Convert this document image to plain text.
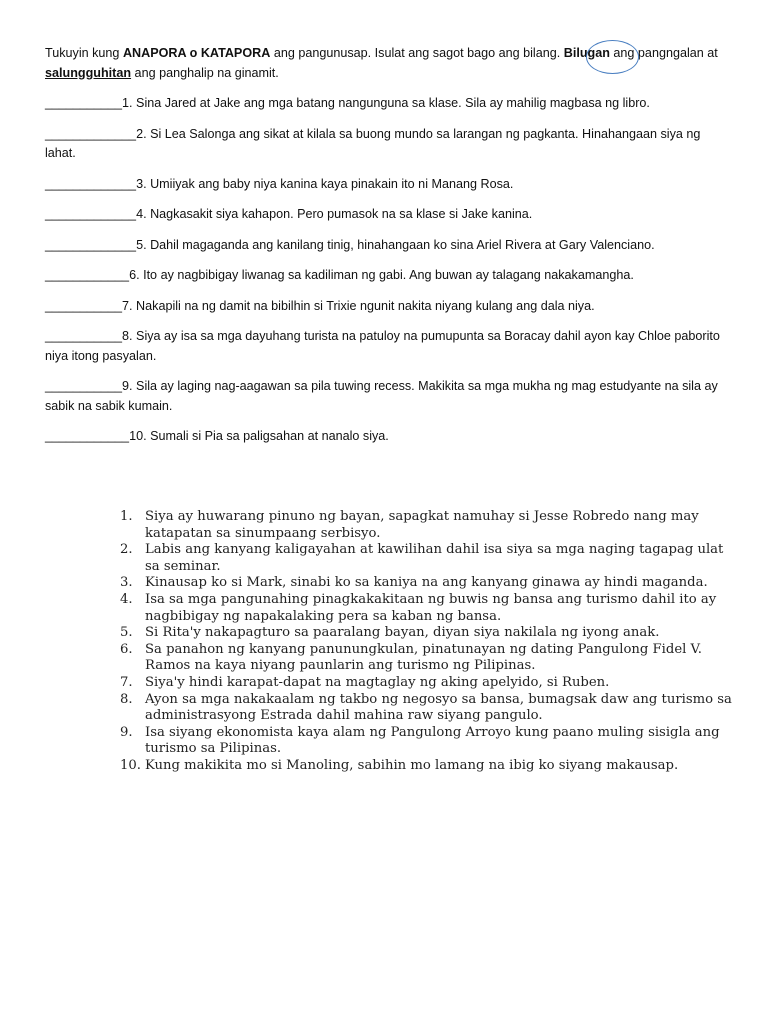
Tukuyin kung ANAPORA o KATAPORA ang pangunusap. Isulat ang sagot bago ang bilang. Bilugan ang pangngalan at salungguhitan ang panghalip na ginamit.
___________1. Sina Jared at Jake ang mga batang nangunguna sa klase. Sila ay mahilig magbasa ng libro.
_____________2. Si Lea Salonga ang sikat at kilala sa buong mundo sa larangan ng pagkanta. Hinahangaan siya ng lahat.
_____________3. Umiiyak ang baby niya kanina kaya pinakain ito ni Manang Rosa.
_____________4. Nagkasakit siya kahapon. Pero pumasok na sa klase si Jake kanina.
_____________5. Dahil magaganda ang kanilang tinig, hinahangaan ko sina Ariel Rivera at Gary Valenciano.
____________6. Ito ay nagbibigay liwanag sa kadiliman ng gabi. Ang buwan ay talagang nakakamangha.
___________7. Nakapili na ng damit na bibilhin si Trixie ngunit nakita niyang kulang ang dala niya.
___________8. Siya ay isa sa mga dayuhang turista na patuloy na pumupunta sa Boracay dahil ayon kay Chloe paborito niya itong pasyalan.
___________9. Sila ay laging nag-aagawan sa pila tuwing recess. Makikita sa mga mukha ng mag estudyante na sila ay sabik na sabik kumain.
____________10. Sumali si Pia sa paligsahan at nanalo siya.
1. Siya ay huwarang pinuno ng bayan, sapagkat namuhay si Jesse Robredo nang may katapatan sa sinumpaang serbisyo.
2. Labis ang kanyang kaligayahan at kawilihan dahil isa siya sa mga naging tagapag ulat sa seminar.
3. Kinausap ko si Mark, sinabi ko sa kaniya na ang kanyang ginawa ay hindi maganda.
4. Isa sa mga pangunahing pinagkakakitaan ng buwis ng bansa ang turismo dahil ito ay nagbibigay ng napakalaking pera sa kaban ng bansa.
5. Si Rita'y nakapagturo sa paaralang bayan, diyan siya nakilala ng iyong anak.
6. Sa panahon ng kanyang panunungkulan, pinatunayan ng dating Pangulong Fidel V. Ramos na kaya niyang paunlarin ang turismo ng Pilipinas.
7. Siya'y hindi karapat-dapat na magtaglay ng aking apelyido, si Ruben.
8. Ayon sa mga nakakaalam ng takbo ng negosyo sa bansa, bumagsak daw ang turismo sa administrasyong Estrada dahil mahina raw siyang pangulo.
9. Isa siyang ekonomista kaya alam ng Pangulong Arroyo kung paano muling sisigla ang turismo sa Pilipinas.
10. Kung makikita mo si Manoling, sabihin mo lamang na ibig ko siyang makausap.
